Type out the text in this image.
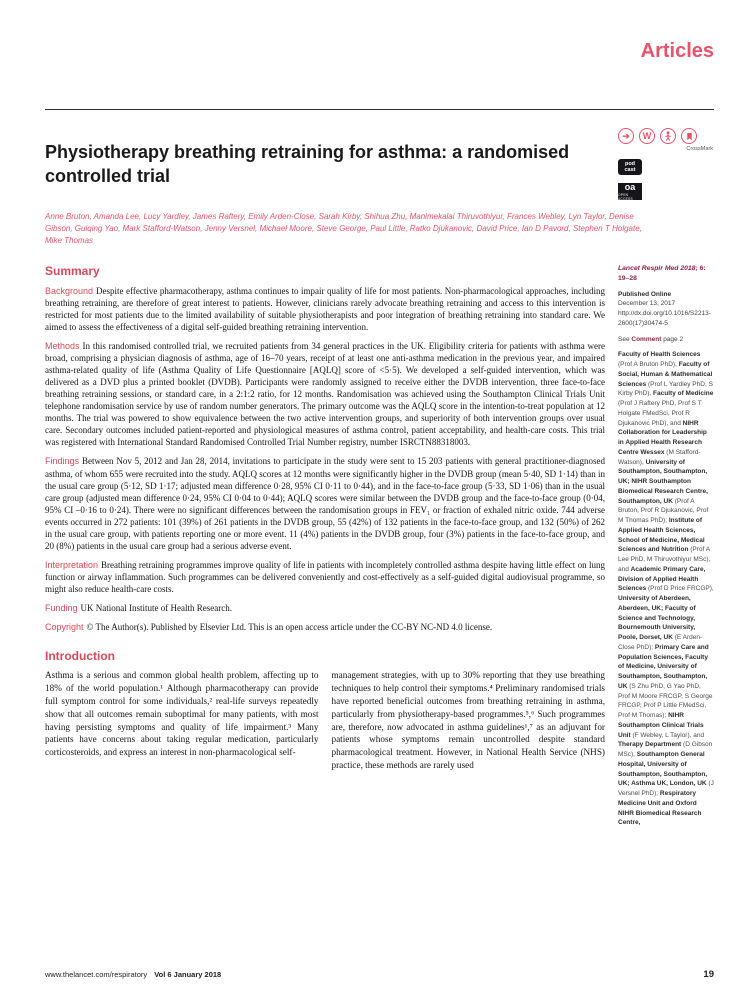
Articles
Physiotherapy breathing retraining for asthma: a randomised controlled trial
➔	W
CrossMark
pod
cast
oa
OPEN ACCESS
Anne Bruton, Amanda Lee, Lucy Yardley, James Raftery, Emily Arden-Close, Sarah Kirby, Shihua Zhu, Manimekalai Thiruvothiyur, Frances Webley, Lyn Taylor, Denise Gibson, Guiqing Yao, Mark Stafford-Watson, Jenny Versnel, Michael Moore, Steve George, Paul Little, Ratko Djukanovic, David Price, Ian D Pavord, Stephen T Holgate, Mike Thomas
Summary

Background Despite effective pharmacotherapy, asthma continues to impair quality of life for most patients. Non-pharmacological approaches, including breathing retraining, are therefore of great interest to patients. However, clinicians rarely advocate breathing retraining and access to this intervention is restricted for most patients due to the limited availability of suitable physiotherapists and poor integration of breathing retraining into standard care. We aimed to assess the effectiveness of a digital self-guided breathing retraining intervention.

Methods In this randomised controlled trial, we recruited patients from 34 general practices in the UK. Eligibility criteria for patients with asthma were broad, comprising a physician diagnosis of asthma, age of 16–70 years, receipt of at least one anti-asthma medication in the previous year, and impaired asthma-related quality of life (Asthma Quality of Life Questionnaire [AQLQ] score of <5·5). We developed a self-guided intervention, which was delivered as a DVD plus a printed booklet (DVDB). Participants were randomly assigned to receive either the DVDB intervention, three face-to-face breathing retraining sessions, or standard care, in a 2:1:2 ratio, for 12 months. Randomisation was achieved using the Southampton Clinical Trials Unit telephone randomisation service by use of random number generators. The primary outcome was the AQLQ score in the intention-to-treat population at 12 months. The trial was powered to show equivalence between the two active intervention groups, and superiority of both intervention groups over usual care. Secondary outcomes included patient-reported and physiological measures of asthma control, patient acceptability, and health-care costs. This trial was registered with International Standard Randomised Controlled Trial Number registry, number ISRCTN88318003.

Findings Between Nov 5, 2012 and Jan 28, 2014, invitations to participate in the study were sent to 15 203 patients with general practitioner-diagnosed asthma, of whom 655 were recruited into the study. AQLQ scores at 12 months were significantly higher in the DVDB group (mean 5·40, SD 1·14) than in the usual care group (5·12, SD 1·17; adjusted mean difference 0·28, 95% CI 0·11 to 0·44), and in the face-to-face group (5·33, SD 1·06) than in the usual care group (adjusted mean difference 0·24, 95% CI 0·04 to 0·44); AQLQ scores were similar between the DVDB group and the face-to-face group (0·04, 95% CI –0·16 to 0·24). There were no significant differences between the randomisation groups in FEV₁ or fraction of exhaled nitric oxide. 744 adverse events occurred in 272 patients: 101 (39%) of 261 patients in the DVDB group, 55 (42%) of 132 patients in the face-to-face group, and 132 (50%) of 262 in the usual care group, with patients reporting one or more event. 11 (4%) patients in the DVDB group, four (3%) patients in the face-to-face group, and 20 (8%) patients in the usual care group had a serious adverse event.

Interpretation Breathing retraining programmes improve quality of life in patients with incompletely controlled asthma despite having little effect on lung function or airway inflammation. Such programmes can be delivered conveniently and cost-effectively as a self-guided digital audiovisual programme, so might also reduce health-care costs.

Funding UK National Institute of Health Research.

Copyright © The Author(s). Published by Elsevier Ltd. This is an open access article under the CC-BY NC-ND 4.0 license.

Introduction
Asthma is a serious and common global health problem, affecting up to 18% of the world population.¹ Although pharmacotherapy can provide full symptom control for some individuals,² real-life surveys repeatedly show that all outcomes remain suboptimal for many patients, with most having persisting symptoms and quality of life impairment.³ Many patients have concerns about taking regular medication, particularly corticosteroids, and express an interest in non-pharmacological self-
management strategies, with up to 30% reporting that they use breathing techniques to help control their symptoms.⁴ Preliminary randomised trials have reported beneficial outcomes from breathing retraining in asthma, particularly from physiotherapy-based programmes.⁵,⁶ Such programmes are, therefore, now advocated in asthma guidelines¹,⁷ as an adjuvant for patients whose symptoms remain uncontrolled despite standard pharmacological treatment. However, in National Health Service (NHS) practice, these methods are rarely used
Lancet Respir Med 2018; 6: 19–28
Published Online
December 13, 2017
http://dx.doi.org/10.1016/S2213-2600(17)30474-5
See Comment page 2
Faculty of Health Sciences (Prof A Bruton PhD), Faculty of Social, Human & Mathematical Sciences (Prof L Yardley PhD, S Kirby PhD), Faculty of Medicine (Prof J Raftery PhD, Prof S T Holgate FMedSci, Prof R Djukanovic PhD), and NIHR Collaboration for Leadership in Applied Health Research Centre Wessex (M Stafford-Watson), University of Southampton, Southampton, UK; NIHR Southampton Biomedical Research Centre, Southampton, UK (Prof A Bruton, Prof R Djukanovic, Prof M Thomas PhD); Institute of Applied Health Sciences, School of Medicine, Medical Sciences and Nutrition (Prof A Lee PhD, M Thiruvothiyur MSc), and Academic Primary Care, Division of Applied Health Sciences (Prof D Price FRCGP), University of Aberdeen, Aberdeen, UK; Faculty of Science and Technology, Bournemouth University, Poole, Dorset, UK (E Arden-Close PhD); Primary Care and Population Sciences, Faculty of Medicine, University of Southampton, Southampton, UK (S Zhu PhD, G Yao PhD, Prof M Moore FRCGP, S George FRCGP, Prof P Little FMedSci, Prof M Thomas); NIHR Southampton Clinical Trials Unit (F Webley, L Taylor), and Therapy Department (D Gibson MSc), Southampton General Hospital, University of Southampton, Southampton, UK; Asthma UK, London, UK (J Versnel PhD); Respiratory Medicine Unit and Oxford NIHR Biomedical Research Centre,
www.thelancet.com/respiratory Vol 6 January 2018	19
